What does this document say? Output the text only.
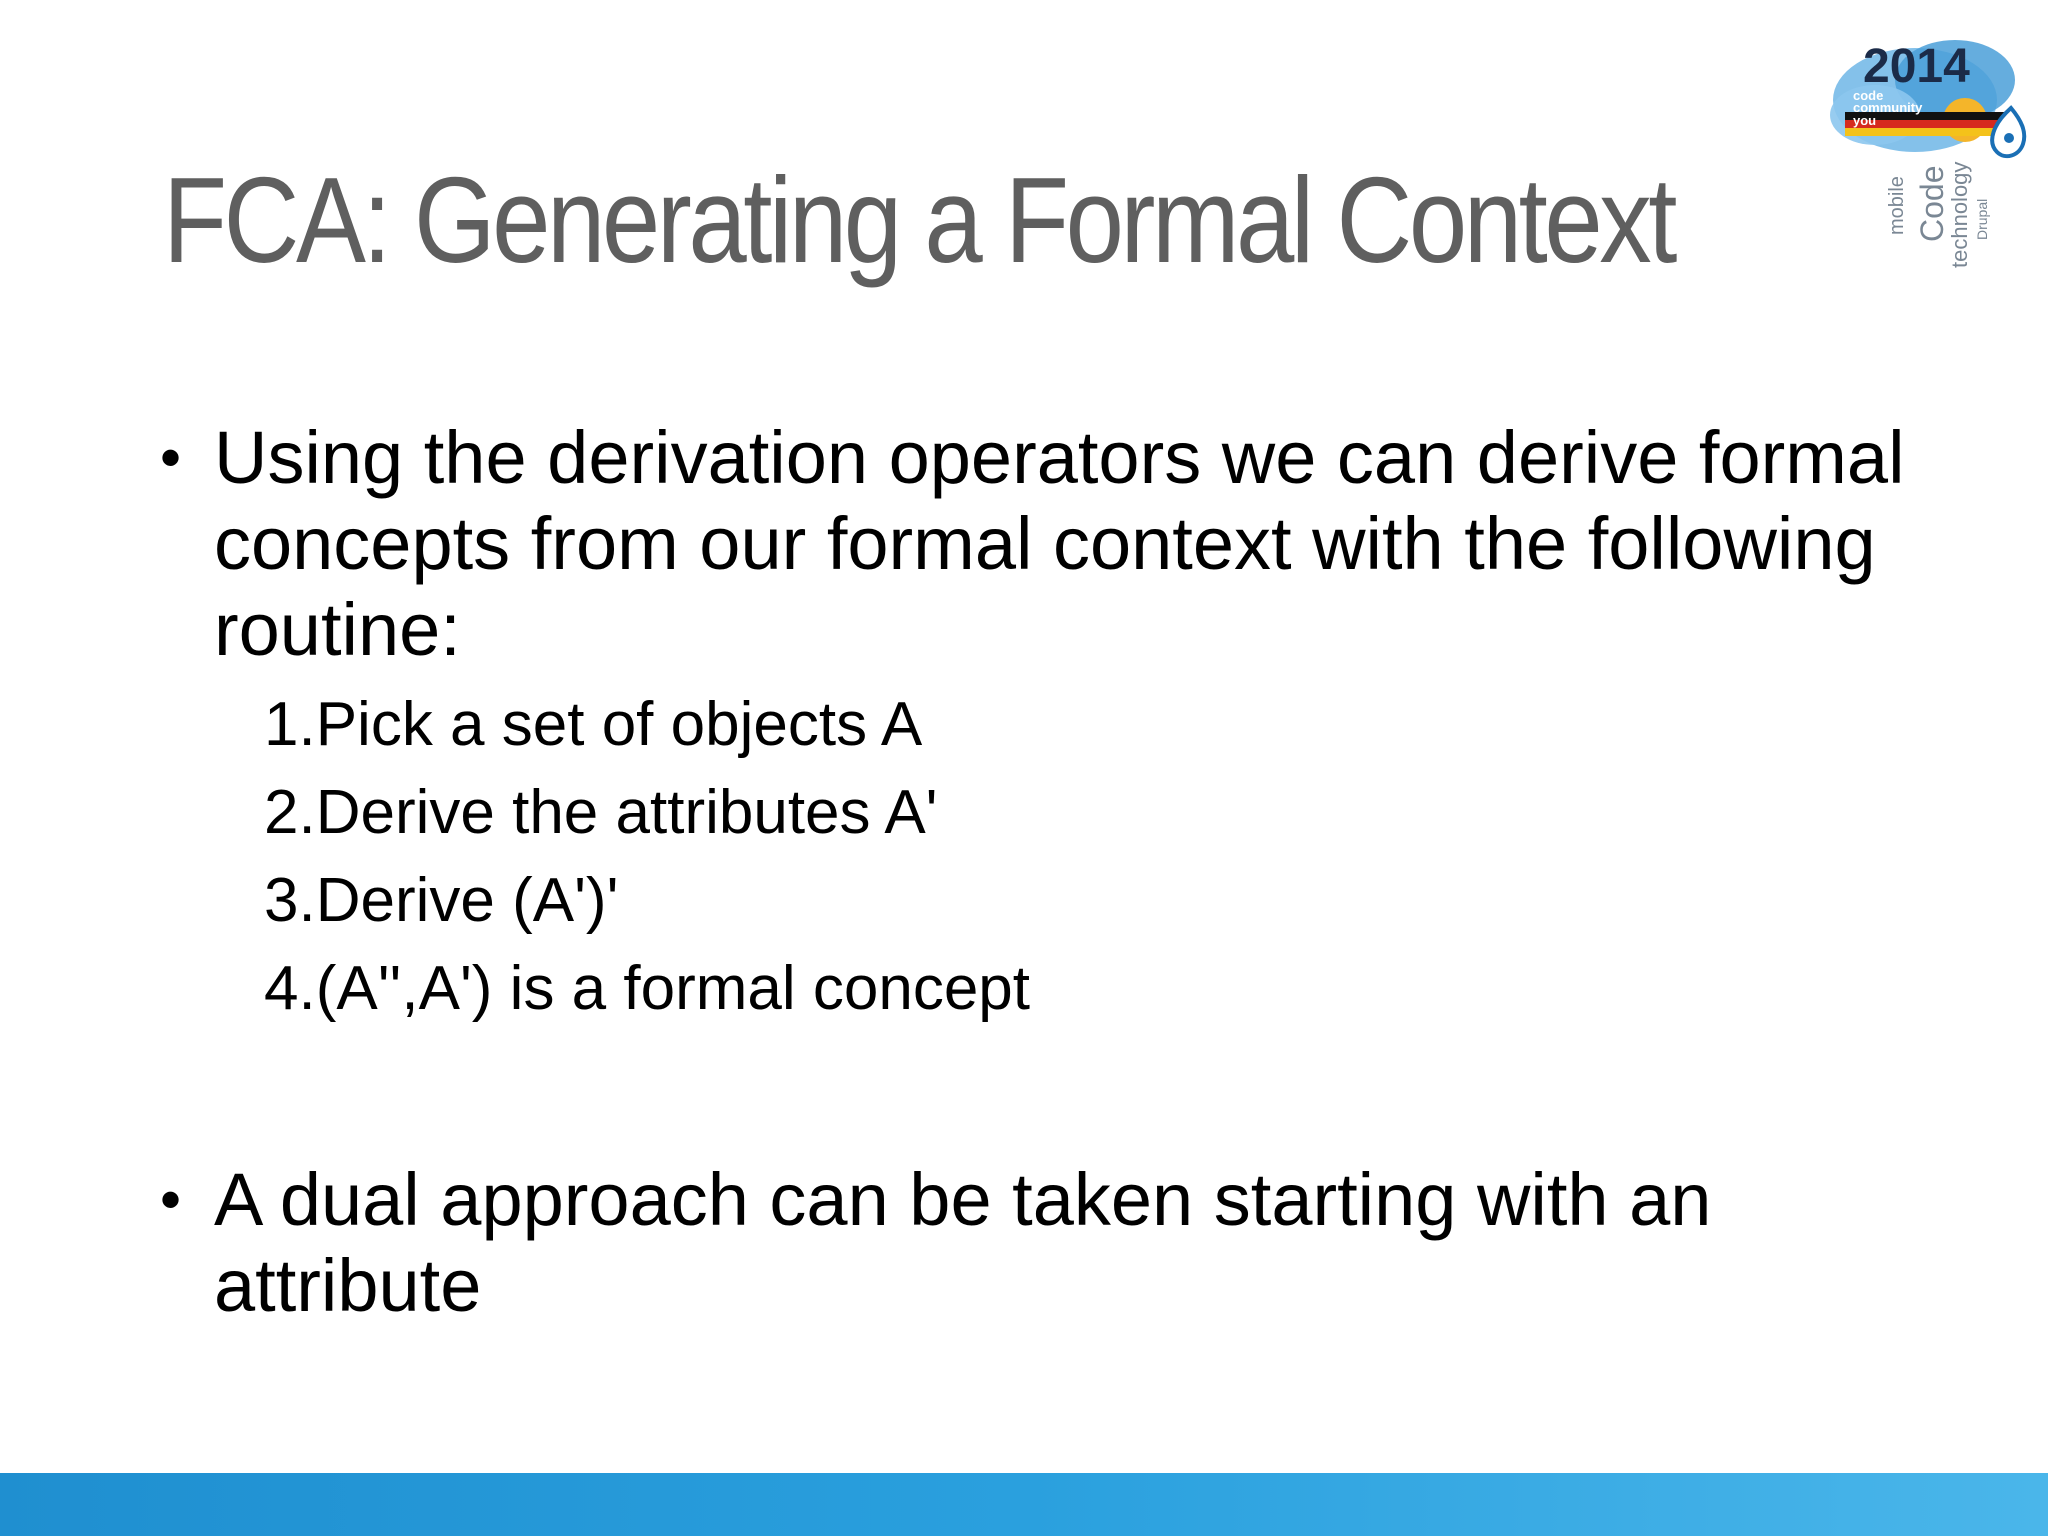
FCA: Generating a Formal Context
2014
code
community
you
mobile Code
technology Drupal
• Using the derivation operators we can derive formal concepts from our formal context with the following routine:
1.Pick a set of objects A
2.Derive the attributes A'
3.Derive (A')'
4.(A'',A') is a formal concept
• A dual approach can be taken starting with an attribute
